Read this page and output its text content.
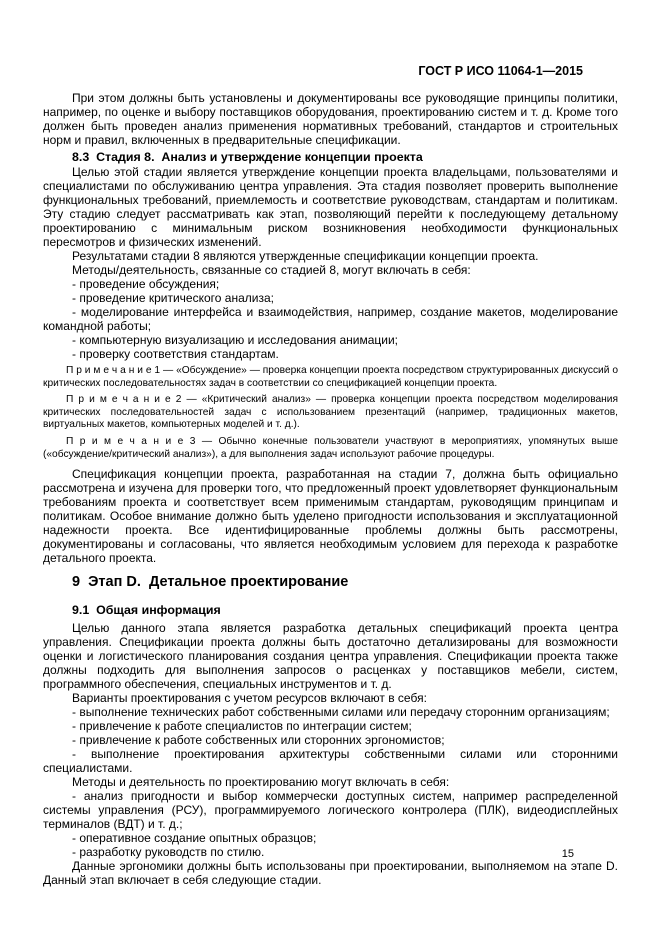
ГОСТ Р ИСО 11064-1—2015

При этом должны быть установлены и документированы все руководящие принципы политики, например, по оценке и выбору поставщиков оборудования, проектированию систем и т. д. Кроме того должен быть проведен анализ применения нормативных требований, стандартов и строительных норм и правил, включенных в предварительные спецификации.

8.3  Стадия 8.  Анализ и утверждение концепции проекта

Целью этой стадии является утверждение концепции проекта владельцами, пользователями и специалистами по обслуживанию центра управления. Эта стадия позволяет проверить выполнение функциональных требований, приемлемость и соответствие руководствам, стандартам и политикам. Эту стадию следует рассматривать как этап, позволяющий перейти к последующему детальному проектированию с минимальным риском возникновения необходимости функциональных пересмотров и физических изменений.

Результатами стадии 8 являются утвержденные спецификации концепции проекта.

Методы/деятельность, связанные со стадией 8, могут включать в себя:

- проведение обсуждения;

- проведение критического анализа;

- моделирование интерфейса и взаимодействия, например, создание макетов, моделирование командной работы;

- компьютерную визуализацию и исследования анимации;

- проверку соответствия стандартам.

П р и м е ч а н и е 1 — «Обсуждение» — проверка концепции проекта посредством структурированных дискуссий о критических последовательностях задач в соответствии со спецификацией концепции проекта.

П р и м е ч а н и е 2 — «Критический анализ» — проверка концепции проекта посредством моделирования критических последовательностей задач с использованием презентаций (например, традиционных макетов, виртуальных макетов, компьютерных моделей и т. д.).

П р и м е ч а н и е 3 — Обычно конечные пользователи участвуют в мероприятиях, упомянутых выше («обсуждение/критический анализ»), а для выполнения задач используют рабочие процедуры.

Спецификация концепции проекта, разработанная на стадии 7, должна быть официально рассмотрена и изучена для проверки того, что предложенный проект удовлетворяет функциональным требованиям проекта и соответствует всем применимым стандартам, руководящим принципам и политикам. Особое внимание должно быть уделено пригодности использования и эксплуатационной надежности проекта. Все идентифицированные проблемы должны быть рассмотрены, документированы и согласованы, что является необходимым условием для перехода к разработке детального проекта.

9  Этап D.  Детальное проектирование

9.1  Общая информация

Целью данного этапа является разработка детальных спецификаций проекта центра управления. Спецификации проекта должны быть достаточно детализированы для возможности оценки и логистического планирования создания центра управления. Спецификации проекта также должны подходить для выполнения запросов о расценках у поставщиков мебели, систем, программного обеспечения, специальных инструментов и т. д.

Варианты проектирования с учетом ресурсов включают в себя:

- выполнение технических работ собственными силами или передачу сторонним организациям;

- привлечение к работе специалистов по интеграции систем;

- привлечение к работе собственных или сторонних эргономистов;

- выполнение проектирования архитектуры собственными силами или сторонними специалистами.

Методы и деятельность по проектированию могут включать в себя:

- анализ пригодности и выбор коммерчески доступных систем, например распределенной системы управления (РСУ), программируемого логического контролера (ПЛК), видеодисплейных терминалов (ВДТ) и т. д.;

- оперативное создание опытных образцов;

- разработку руководств по стилю.

Данные эргономики должны быть использованы при проектировании, выполняемом на этапе D. Данный этап включает в себя следующие стадии.

15
